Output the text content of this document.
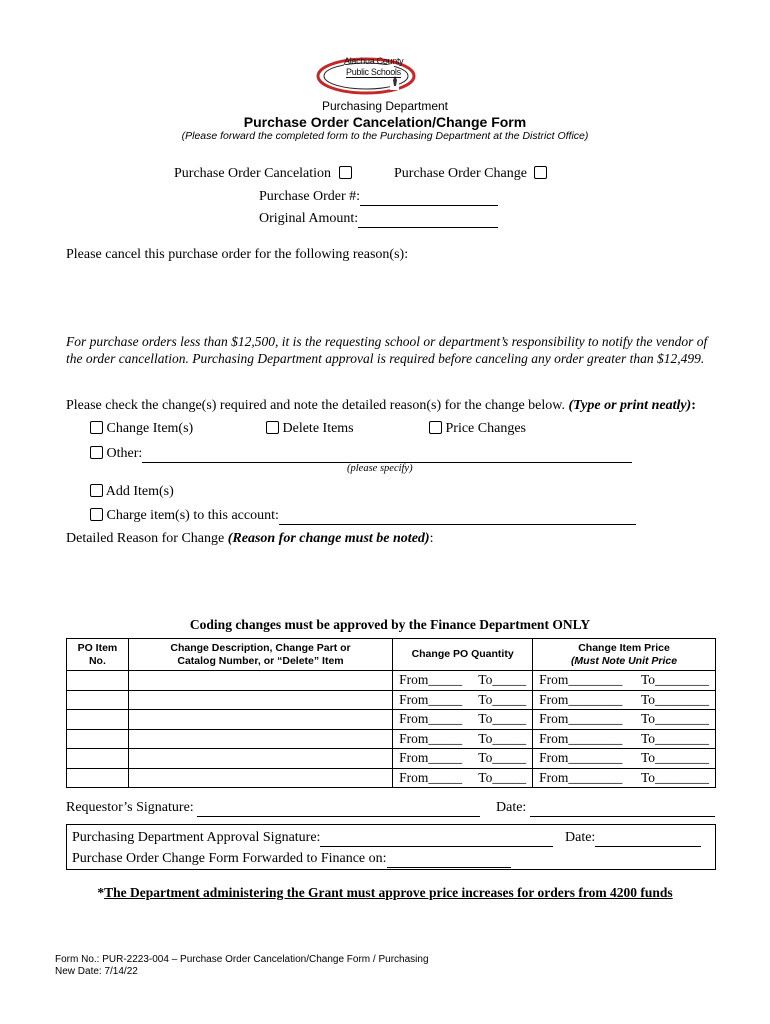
Alachua County
Public Schools
Purchasing Department
Purchase Order Cancelation/Change Form
(Please forward the completed form to the Purchasing Department at the District Office)
Purchase Order Cancelation	Purchase Order Change
Purchase Order #:
Original Amount:
Please cancel this purchase order for the following reason(s):
For purchase orders less than $12,500, it is the requesting school or department’s responsibility to notify the vendor of the order cancellation. Purchasing Department approval is required before canceling any order greater than $12,499.
Please check the change(s) required and note the detailed reason(s) for the change below. (Type or print neatly):
Change Item(s)	Delete Items	Price Changes
Other:
(please specify)
Add Item(s)
Charge item(s) to this account:
Detailed Reason for Change (Reason for change must be noted):
Coding changes must be approved by the Finance Department ONLY
PO Item No.	Change Description, Change Part or Catalog Number, or “Delete” Item	Change PO Quantity	Change Item Price
(Must Note Unit Price

		From_____ To_____	From________ To________

		From_____ To_____	From________ To________

		From_____ To_____	From________ To________

		From_____ To_____	From________ To________

		From_____ To_____	From________ To________

		From_____ To_____	From________ To________
Requestor’s Signature:	Date:
Purchasing Department Approval Signature:	Date:
Purchase Order Change Form Forwarded to Finance on:
*The Department administering the Grant must approve price increases for orders from 4200 funds
Form No.: PUR-2223-004 – Purchase Order Cancelation/Change Form / Purchasing
New Date: 7/14/22
